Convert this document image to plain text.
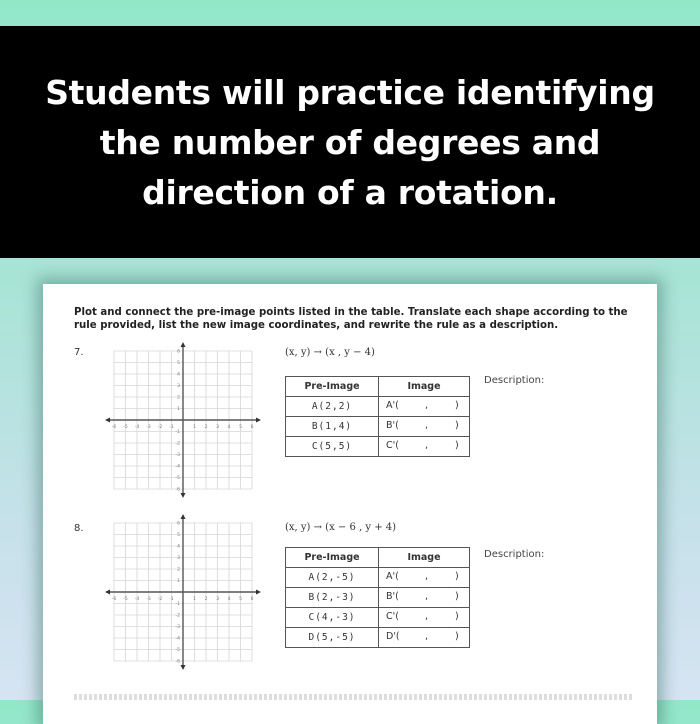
Students will practice identifying
the number of degrees and
direction of a rotation.
Plot and connect the pre-image points listed in the table. Translate each shape according to the rule provided, list the new image coordinates, and rewrite the rule as a description.
7.
-6
-6
-5
-5
-4
-4
-3
-3
-2
-2
-1
-1
1
1
2
2
3
3
4
4
5
5
6
6	(x, y) → (x , y − 4)
Pre-Image	Image
A(2,2)	A'( , )

B(1,4)	B'( , )

C(5,5)	C'( , )
Description:
8.
-6
-6
-5
-5
-4
-4
-3
-3
-2
-2
-1
-1
1
1
2
2
3
3
4
4
5
5
6
6	(x, y) → (x − 6 , y + 4)
Pre-Image	Image
A(2,-5)	A'( , )

B(2,-3)	B'( , )

C(4,-3)	C'( , )

D(5,-5)	D'( , )
Description:
